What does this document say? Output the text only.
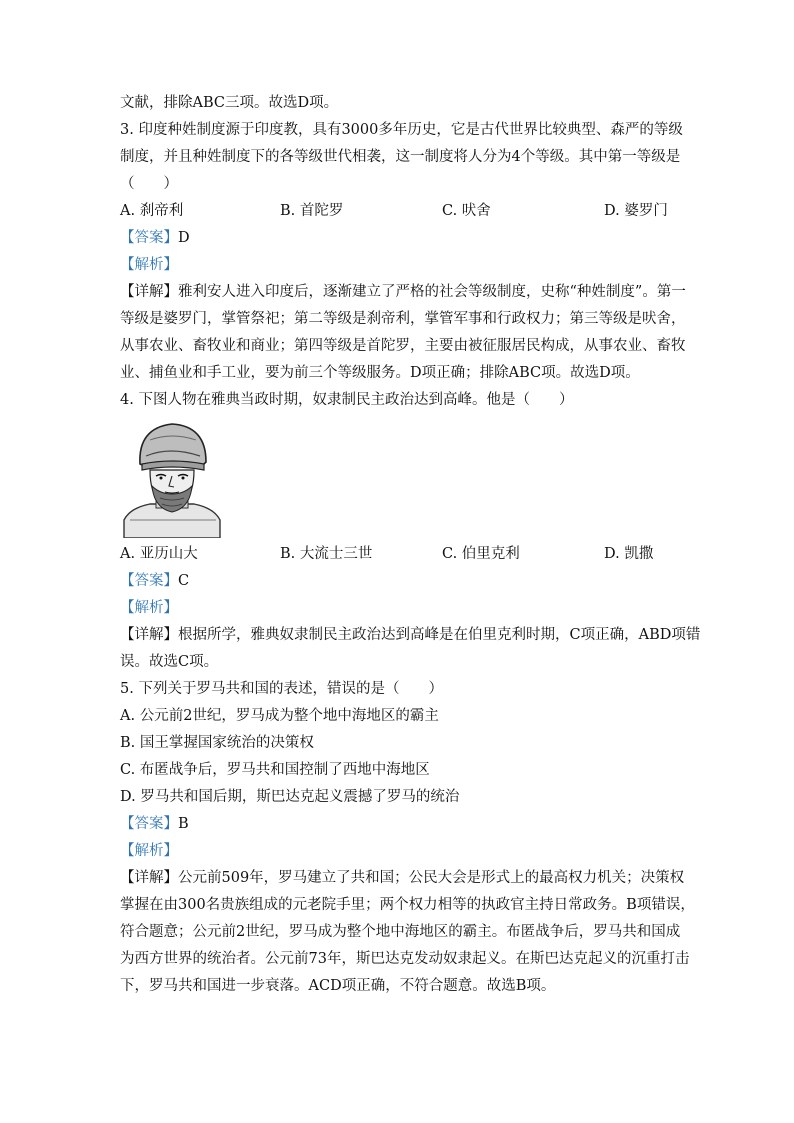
文献，排除ABC三项。故选D项。
3. 印度种姓制度源于印度教，具有3000多年历史，它是古代世界比较典型、森严的等级
制度，并且种姓制度下的各等级世代相袭，这一制度将人分为4个等级。其中第一等级是
（　　）
A. 刹帝利	B. 首陀罗	C. 吠舍	D. 婆罗门
【答案】D
【解析】
【详解】雅利安人进入印度后，逐渐建立了严格的社会等级制度，史称“种姓制度”。第一
等级是婆罗门，掌管祭祀；第二等级是刹帝利，掌管军事和行政权力；第三等级是吠舍，
从事农业、畜牧业和商业；第四等级是首陀罗，主要由被征服居民构成，从事农业、畜牧
业、捕鱼业和手工业，要为前三个等级服务。D项正确；排除ABC项。故选D项。
4. 下图人物在雅典当政时期，奴隶制民主政治达到高峰。他是（　　）
A. 亚历山大	B. 大流士三世	C. 伯里克利	D. 凯撒
【答案】C
【解析】
【详解】根据所学，雅典奴隶制民主政治达到高峰是在伯里克利时期，C项正确，ABD项错
误。故选C项。
5. 下列关于罗马共和国的表述，错误的是（　　）
A. 公元前2世纪，罗马成为整个地中海地区的霸主
B. 国王掌握国家统治的决策权
C. 布匿战争后，罗马共和国控制了西地中海地区
D. 罗马共和国后期，斯巴达克起义震撼了罗马的统治
【答案】B
【解析】
【详解】公元前509年，罗马建立了共和国；公民大会是形式上的最高权力机关；决策权
掌握在由300名贵族组成的元老院手里；两个权力相等的执政官主持日常政务。B项错误，
符合题意；公元前2世纪，罗马成为整个地中海地区的霸主。布匿战争后，罗马共和国成
为西方世界的统治者。公元前73年，斯巴达克发动奴隶起义。在斯巴达克起义的沉重打击
下，罗马共和国进一步衰落。ACD项正确，不符合题意。故选B项。
